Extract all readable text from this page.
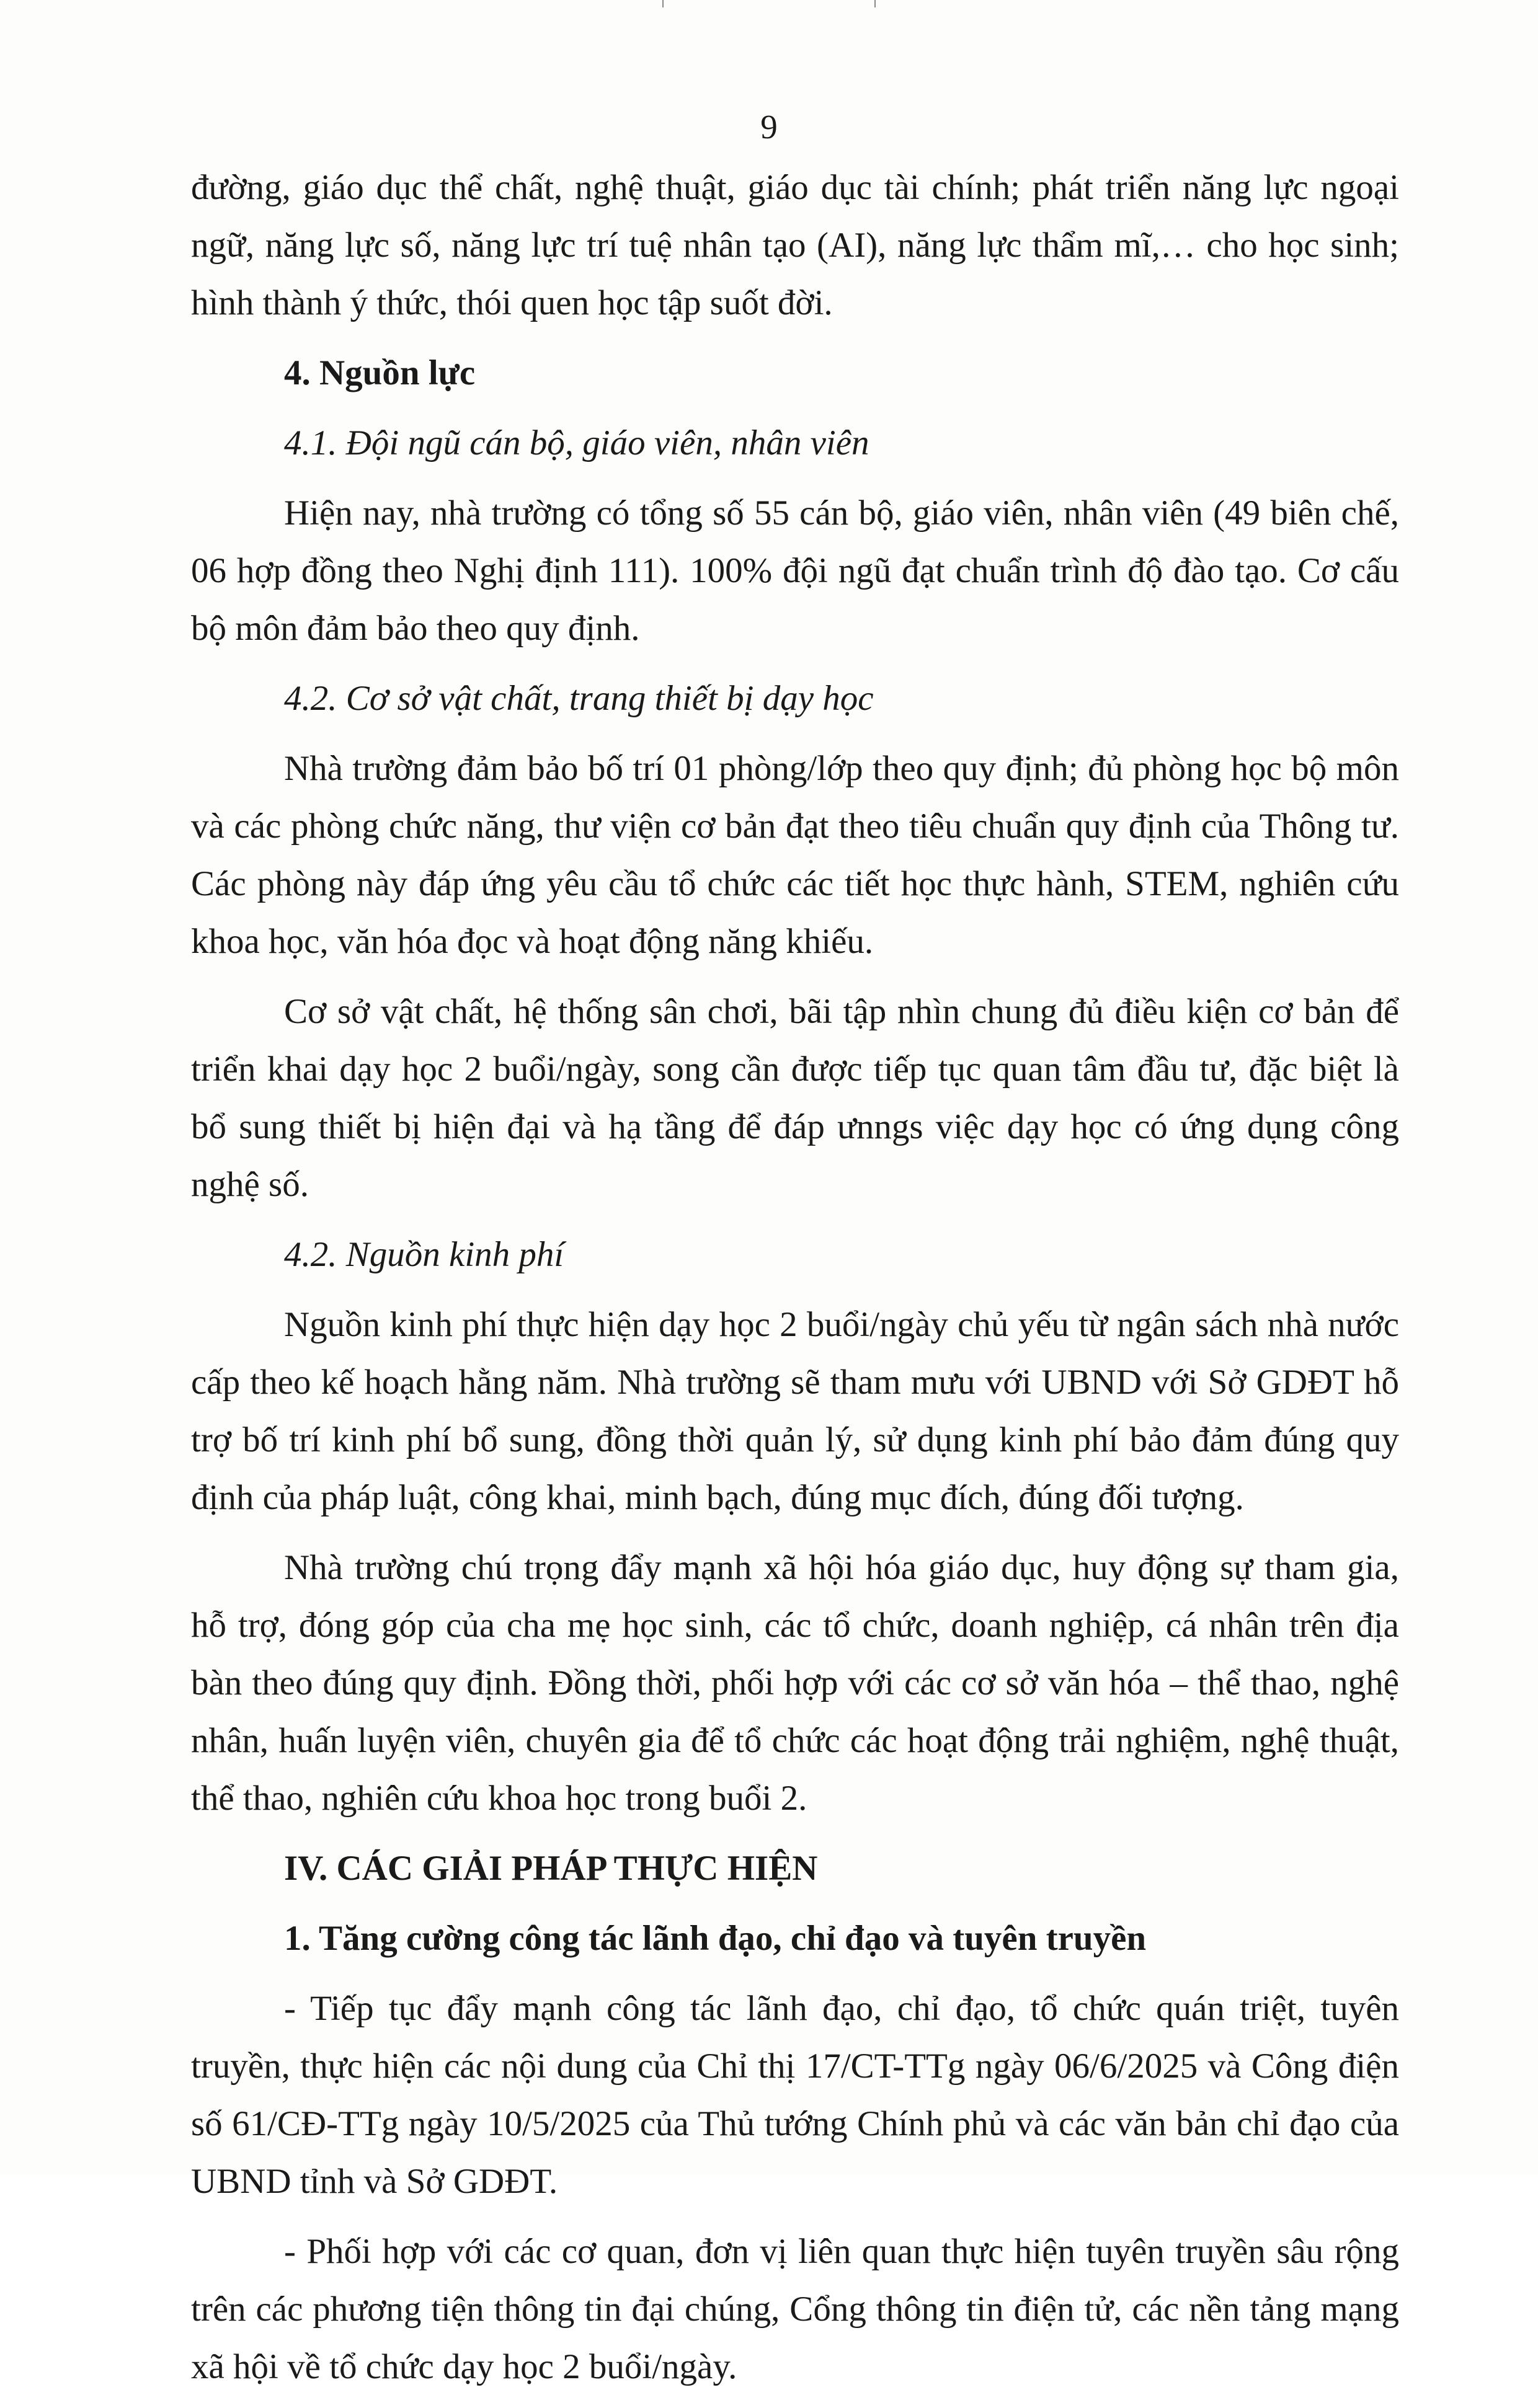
9

đường, giáo dục thể chất, nghệ thuật, giáo dục tài chính; phát triển năng lực ngoại ngữ, năng lực số, năng lực trí tuệ nhân tạo (AI), năng lực thẩm mĩ,… cho học sinh; hình thành ý thức, thói quen học tập suốt đời.

4. Nguồn lực
4.1. Đội ngũ cán bộ, giáo viên, nhân viên

Hiện nay, nhà trường có tổng số 55 cán bộ, giáo viên, nhân viên (49 biên chế, 06 hợp đồng theo Nghị định 111). 100% đội ngũ đạt chuẩn trình độ đào tạo. Cơ cấu bộ môn đảm bảo theo quy định.

4.2. Cơ sở vật chất, trang thiết bị dạy học

Nhà trường đảm bảo bố trí 01 phòng/lớp theo quy định; đủ phòng học bộ môn và các phòng chức năng, thư viện cơ bản đạt theo tiêu chuẩn quy định của Thông tư. Các phòng này đáp ứng yêu cầu tổ chức các tiết học thực hành, STEM, nghiên cứu khoa học, văn hóa đọc và hoạt động năng khiếu.

Cơ sở vật chất, hệ thống sân chơi, bãi tập nhìn chung đủ điều kiện cơ bản để triển khai dạy học 2 buổi/ngày, song cần được tiếp tục quan tâm đầu tư, đặc biệt là bổ sung thiết bị hiện đại và hạ tầng để đáp ưnngs việc dạy học có ứng dụng công nghệ số.

4.2. Nguồn kinh phí

Nguồn kinh phí thực hiện dạy học 2 buổi/ngày chủ yếu từ ngân sách nhà nước cấp theo kế hoạch hằng năm. Nhà trường sẽ tham mưu với UBND với Sở GDĐT hỗ trợ bố trí kinh phí bổ sung, đồng thời quản lý, sử dụng kinh phí bảo đảm đúng quy định của pháp luật, công khai, minh bạch, đúng mục đích, đúng đối tượng.

Nhà trường chú trọng đẩy mạnh xã hội hóa giáo dục, huy động sự tham gia, hỗ trợ, đóng góp của cha mẹ học sinh, các tổ chức, doanh nghiệp, cá nhân trên địa bàn theo đúng quy định. Đồng thời, phối hợp với các cơ sở văn hóa – thể thao, nghệ nhân, huấn luyện viên, chuyên gia để tổ chức các hoạt động trải nghiệm, nghệ thuật, thể thao, nghiên cứu khoa học trong buổi 2.

IV. CÁC GIẢI PHÁP THỰC HIỆN
1. Tăng cường công tác lãnh đạo, chỉ đạo và tuyên truyền

- Tiếp tục đẩy mạnh công tác lãnh đạo, chỉ đạo, tổ chức quán triệt, tuyên truyền, thực hiện các nội dung của Chỉ thị 17/CT-TTg ngày 06/6/2025 và Công điện số 61/CĐ-TTg ngày 10/5/2025 của Thủ tướng Chính phủ và các văn bản chỉ đạo của UBND tỉnh và Sở GDĐT.

- Phối hợp với các cơ quan, đơn vị liên quan thực hiện tuyên truyền sâu rộng trên các phương tiện thông tin đại chúng, Cổng thông tin điện tử, các nền tảng mạng xã hội về tổ chức dạy học 2 buổi/ngày.
